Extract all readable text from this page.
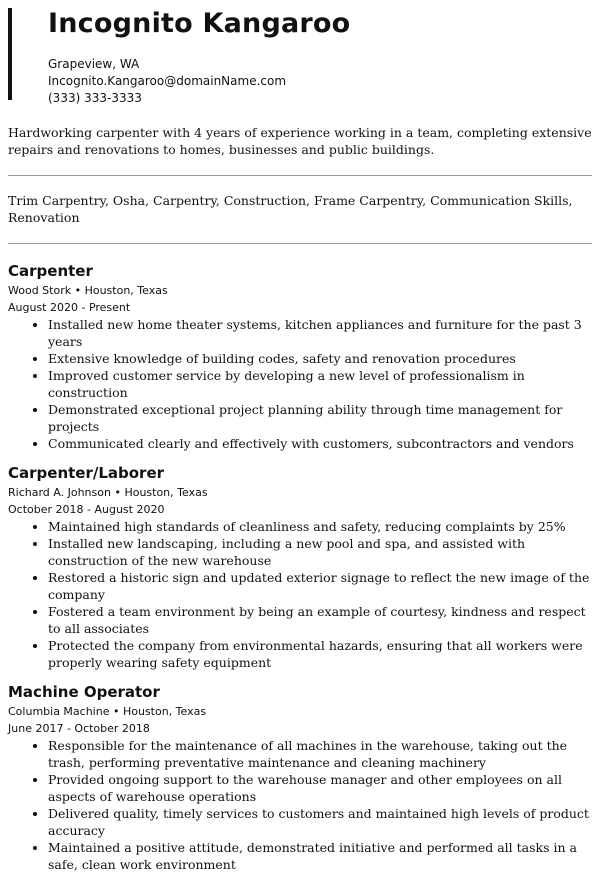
Incognito Kangaroo
Grapeview, WA
Incognito.Kangaroo@domainName.com
(333) 333-3333
Hardworking carpenter with 4 years of experience working in a team, completing extensive repairs and renovations to homes, businesses and public buildings.
Trim Carpentry, Osha, Carpentry, Construction, Frame Carpentry, Communication Skills, Renovation
Carpenter
Wood Stork • Houston, Texas
August 2020 - Present
• Installed new home theater systems, kitchen appliances and furniture for the past 3 years
• Extensive knowledge of building codes, safety and renovation procedures
• Improved customer service by developing a new level of professionalism in construction
• Demonstrated exceptional project planning ability through time management for projects
• Communicated clearly and effectively with customers, subcontractors and vendors
Carpenter/Laborer
Richard A. Johnson • Houston, Texas
October 2018 - August 2020
• Maintained high standards of cleanliness and safety, reducing complaints by 25%
• Installed new landscaping, including a new pool and spa, and assisted with construction of the new warehouse
• Restored a historic sign and updated exterior signage to reflect the new image of the company
• Fostered a team environment by being an example of courtesy, kindness and respect to all associates
• Protected the company from environmental hazards, ensuring that all workers were properly wearing safety equipment
Machine Operator
Columbia Machine • Houston, Texas
June 2017 - October 2018
• Responsible for the maintenance of all machines in the warehouse, taking out the trash, performing preventative maintenance and cleaning machinery
• Provided ongoing support to the warehouse manager and other employees on all aspects of warehouse operations
• Delivered quality, timely services to customers and maintained high levels of product accuracy
• Maintained a positive attitude, demonstrated initiative and performed all tasks in a safe, clean work environment
